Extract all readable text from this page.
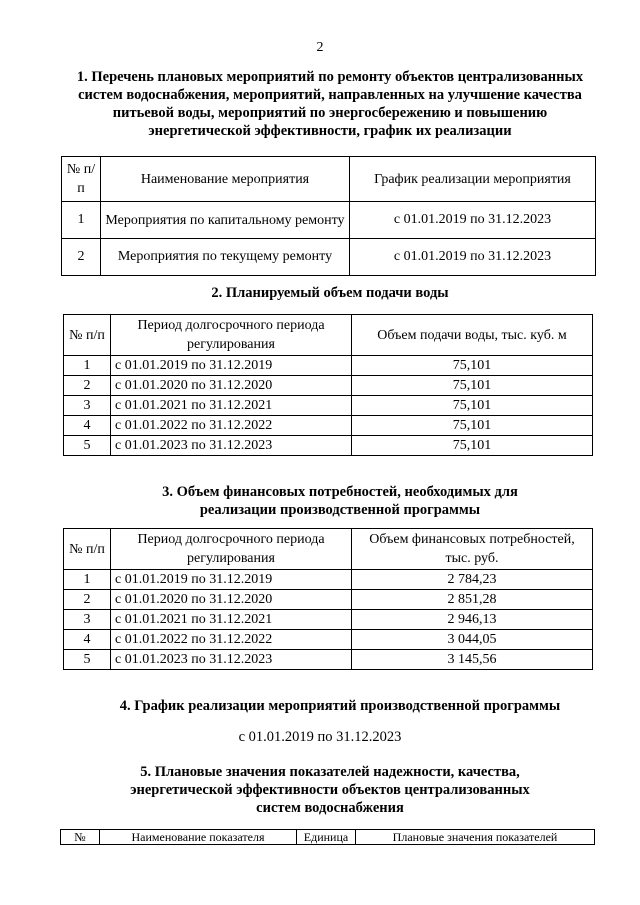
2
1. Перечень плановых мероприятий по ремонту объектов централизованных систем водоснабжения, мероприятий, направленных на улучшение качества питьевой воды, мероприятий по энергосбережению и повышению энергетической эффективности, график их реализации
№ п/п	Наименование мероприятия	График реализации мероприятия
1	Мероприятия по капитальному ремонту	с 01.01.2019 по 31.12.2023
2	Мероприятия по текущему ремонту	с 01.01.2019 по 31.12.2023
2. Планируемый объем подачи воды
№ п/п	Период долгосрочного периода регулирования	Объем подачи воды, тыс. куб. м
1	с 01.01.2019 по 31.12.2019	75,101
2	с 01.01.2020 по 31.12.2020	75,101
3	с 01.01.2021 по 31.12.2021	75,101
4	с 01.01.2022 по 31.12.2022	75,101
5	с 01.01.2023 по 31.12.2023	75,101
3. Объем финансовых потребностей, необходимых для реализации производственной программы
№ п/п	Период долгосрочного периода регулирования	Объем финансовых потребностей, тыс. руб.
1	с 01.01.2019 по 31.12.2019	2 784,23
2	с 01.01.2020 по 31.12.2020	2 851,28
3	с 01.01.2021 по 31.12.2021	2 946,13
4	с 01.01.2022 по 31.12.2022	3 044,05
5	с 01.01.2023 по 31.12.2023	3 145,56
4. График реализации мероприятий производственной программы
с 01.01.2019 по 31.12.2023
5. Плановые значения показателей надежности, качества, энергетической эффективности объектов централизованных систем водоснабжения
№	Наименование показателя	Единица	Плановые значения показателей
